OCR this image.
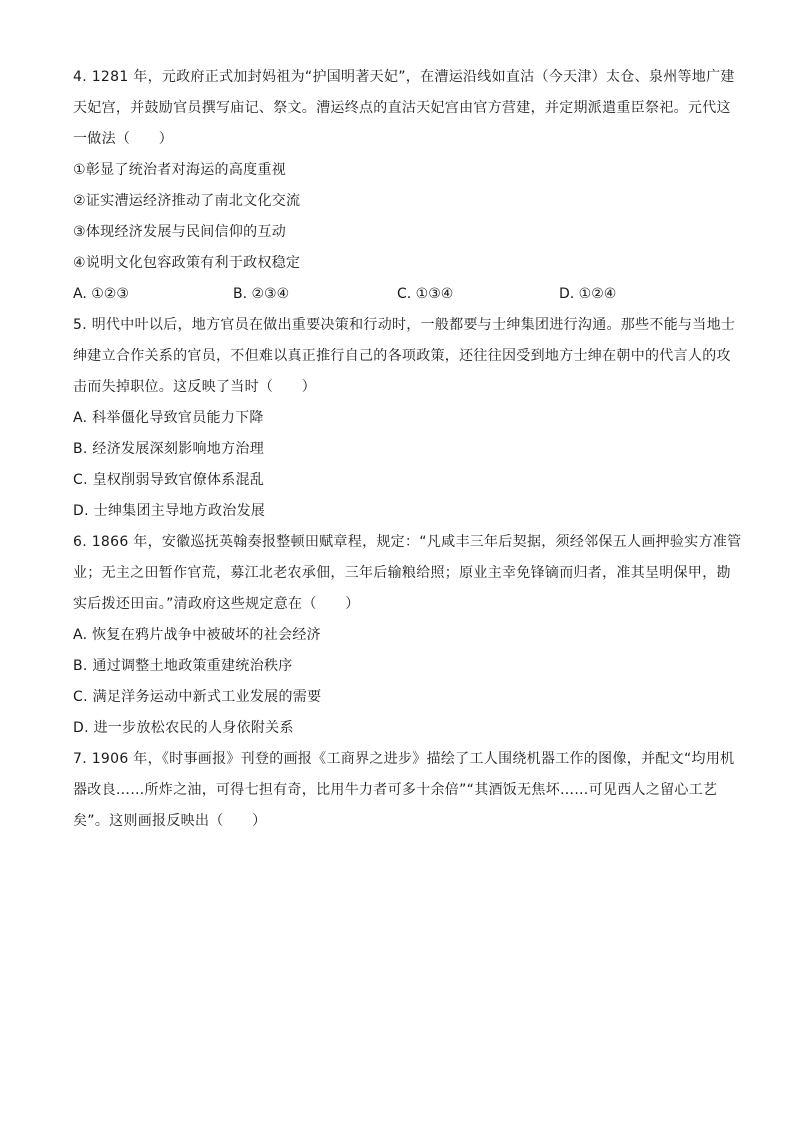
4. 1281 年，元政府正式加封妈祖为“护国明著天妃”，在漕运沿线如直沽（今天津）太仓、泉州等地广建
天妃宫，并鼓励官员撰写庙记、祭文。漕运终点的直沽天妃宫由官方营建，并定期派遣重臣祭祀。元代这
一做法（　　）
①彰显了统治者对海运的高度重视
②证实漕运经济推动了南北文化交流
③体现经济发展与民间信仰的互动
④说明文化包容政策有利于政权稳定
A. ①②③	B. ②③④	C. ①③④	D. ①②④
5. 明代中叶以后，地方官员在做出重要决策和行动时，一般都要与士绅集团进行沟通。那些不能与当地士
绅建立合作关系的官员，不但难以真正推行自己的各项政策，还往往因受到地方士绅在朝中的代言人的攻
击而失掉职位。这反映了当时（　　）
A. 科举僵化导致官员能力下降
B. 经济发展深刻影响地方治理
C. 皇权削弱导致官僚体系混乱
D. 士绅集团主导地方政治发展
6. 1866 年，安徽巡抚英翰奏报整顿田赋章程，规定：“凡咸丰三年后契据，须经邻保五人画押验实方准管
业；无主之田暂作官荒，募江北老农承佃，三年后输粮给照；原业主幸免锋镝而归者，准其呈明保甲，勘
实后拨还田亩。”清政府这些规定意在（　　）
A. 恢复在鸦片战争中被破坏的社会经济
B. 通过调整土地政策重建统治秩序
C. 满足洋务运动中新式工业发展的需要
D. 进一步放松农民的人身依附关系
7. 1906 年，《时事画报》刊登的画报《工商界之进步》描绘了工人围绕机器工作的图像，并配文“均用机
器改良……所炸之油，可得七担有奇，比用牛力者可多十余倍”“其酒饭无焦坏……可见西人之留心工艺
矣”。这则画报反映出（　　）
